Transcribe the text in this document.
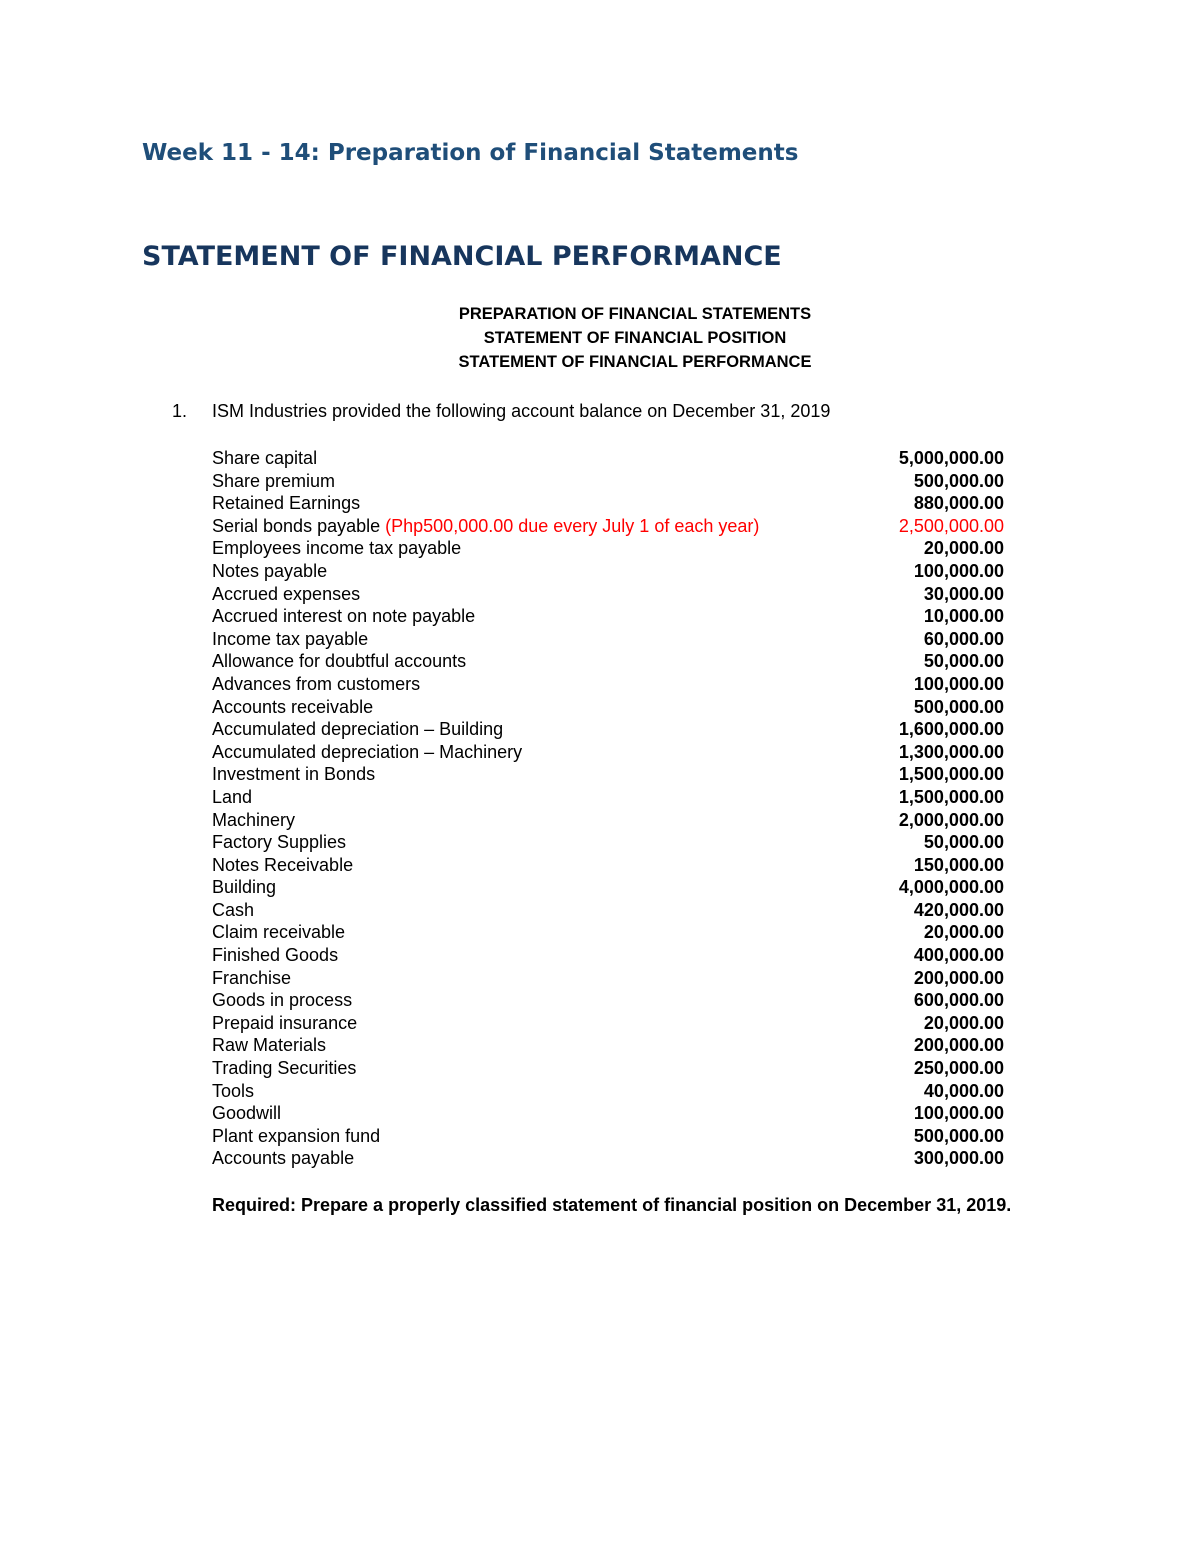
Week 11 - 14: Preparation of Financial Statements
STATEMENT OF FINANCIAL PERFORMANCE
PREPARATION OF FINANCIAL STATEMENTS
STATEMENT OF FINANCIAL POSITION
STATEMENT OF FINANCIAL PERFORMANCE
1. ISM Industries provided the following account balance on December 31, 2019
Share capital	5,000,000.00
Share premium	500,000.00
Retained Earnings	880,000.00
Serial bonds payable (Php500,000.00 due every July 1 of each year)	2,500,000.00
Employees income tax payable	20,000.00
Notes payable	100,000.00
Accrued expenses	30,000.00
Accrued interest on note payable	10,000.00
Income tax payable	60,000.00
Allowance for doubtful accounts	50,000.00
Advances from customers	100,000.00
Accounts receivable	500,000.00
Accumulated depreciation – Building	1,600,000.00
Accumulated depreciation – Machinery	1,300,000.00
Investment in Bonds	1,500,000.00
Land	1,500,000.00
Machinery	2,000,000.00
Factory Supplies	50,000.00
Notes Receivable	150,000.00
Building	4,000,000.00
Cash	420,000.00
Claim receivable	20,000.00
Finished Goods	400,000.00
Franchise	200,000.00
Goods in process	600,000.00
Prepaid insurance	20,000.00
Raw Materials	200,000.00
Trading Securities	250,000.00
Tools	40,000.00
Goodwill	100,000.00
Plant expansion fund	500,000.00
Accounts payable	300,000.00
Required: Prepare a properly classified statement of financial position on December 31, 2019.
